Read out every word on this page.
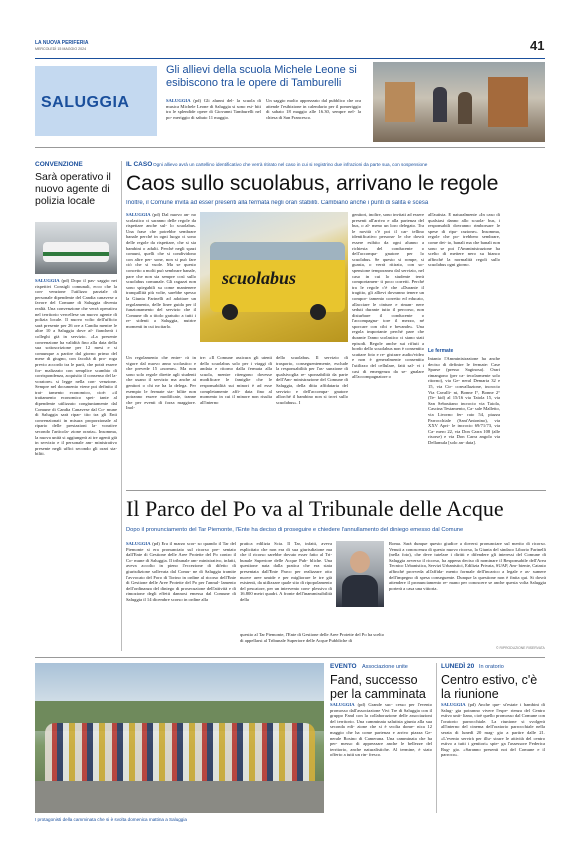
LA NUOVA PERIFERIA
MERCOLEDÌ 15 MAGGIO 2024	41
SALUGGIA
Gli allievi della scuola Michele Leone si esibiscono tra le opere di Tamburelli
SALUGGIA (pd) Gli alunni del- la scuola di musica Michele Leone di Saluggia si sono esi- biti tra le splendide opere di Giovanni Tamburelli nel po- meriggio di sabato 11 maggio.
Un saggio molto apprezzato dal pubblico che ora attende l'esibizione in calendario per il pomeriggio di sabato 18 maggio alle 16.30, sempre nel- la chiesa di San Francesco.
CONVENZIONE
Sarà operativo il nuovo agente di polizia locale
SALUGGIA (pd) Dopo il pas- saggio nei rispettivi Consigli comunali, ecco che la con- venzione l'utilizzo parziale di personale dipendente del Candia canavese a favore del Comune di Saluggia diventa realtà. Una convenzione che verrà operativa nel territorio vercellese un nuovo agente di polizia locale. Il nuovo volto dell'ufficio sarà presente per 26 ore a Candia mentre le altre 10 a Saluggia dove af- fiancherà i colleghi già in servizio. «La presente convenzione ha validità fino alla data della sua sottoscrizione per 12 mesi e si comunque a partire dal giorno primo del mese di giugno, con facoltà di pro- roga previo accordo tra le parti, che potrà essere for- malizzato con semplice scambio di corrispondenza, acquisito il consenso del la- voratore» si legge nella con- venzione. Sempre nel documento viene poi definito il trat- tamento economico, cioè: «il trattamento economico spet- tante al dipendente utilizzato congiuntamente dal Comune di Candia Canavese dal Co- mune di Saluggia sarà ripar- tito tra gli Enti convenzionati in misura proporzionale al riparto delle prestazioni la- vorative secondo l'articola- zione oraria». Insomma, la nuova unità si aggiungerà ai tre agenti già in servizio e il personale am- ministrativo presente negli uffici secondo gli orari sta- biliti.
IL CASO Ogni allievo avrà un cartellino identificativo che verrà ritirato nel caso in cui si registrino due infrazioni da parte sua, con sospensione
Caos sullo scuolabus, arrivano le regole
Inoltre, il Comune invita ad esser presenti alla fermata negli orari stabiliti. Cambiano anche i punti di salita e scesa
SALUGGIA (pd) Dal nuovo an- no scolastico ci saranno delle regole da rispettare anche sul- lo scuolabus. Una frase che potrebbe sembrare banale perché in ogni luogo ci sono delle regole da rispettare, che si sia bambini o adulti. Perché negli spazi comuni, quelli che si condividono con altre per- sone, non si può fare ciò che si vuole. Ma se questo concetto a molti può sembrare banale, pare che non sia sempre così sullo scuolabus comunale. Gli ragazzi non sono spiegabili su come mantenere tranquillità più volte, sarebbe spesso la Giunta Farinelli ad adottare un regolamento, delle linee guida per il funzionamento del servizio che il Comune dà a titolo gratuito a tutti i re- sidenti a Saluggia, nutrire momenti in cui incitarlo.
scuolabus
Un regolamento che entre- rà in vigore dal nuovo anno scolastico e che prevede 15 «norme». Ma non sono solo regole dirette agli studenti che usano il servizio ma anche ai genitori o chi ne ha la delega. Per esempio le fermate sta- bilite non potranno essere modificate, tranne che per eventi di forza maggiore. Inol-
tre: «Il Comune assicura gli utenti dello scuolabus solo per i viaggi di andata e ritorno dalla fermata alla scuola, mentre ritengono dovesse modificare le famiglie che le responsabilità sui minori è ad esse completamente affi- data fino al momento in cui il minore non risulta all'interno
dello scuolabus. Il servizio di trasporto, conseguentemente, esclude la responsabilità per l'as- sunzione di qualsivoglia re- sponsabilità da parte dell'Am- ministrazione del Comune di Saluggia, della ditta affidataria del servizio e dell'accompa- gnatore allorché il bambino non si trovi sullo scuolabus». I
genitori, inoltre, sono invitati ad essere presenti all'arrivo e alla partenza del bus, o al- meno un loro delegato. Tra le novità c'è poi il car- tellino identificativo persona- le che dovrà essere esibito da ogni alunno a richiesta del conducente o dell'accompa- gnatore per lo scuolabus. Se questo si rompe, si guasta, o verrà ritirato, con so- spensione temporanea dal servizio, nel caso in cui lo studente terrà comportamen- ti poco corretti. Perché tra le regole c'è che «Durante il tragitto, gli allievi dovranno tenere un compor- tamento corretto ed educato, allacciare le cinture e riman- nere seduti durante tutto il percorso, non disturbare il conducente o l'accompagna- tore il mezzo, né sporcare con cibi e bevande». Una regola importante perché pare che durante l'anno scolastico ci siano stati episodi. Regole anche sui rifiuti a bordo dello scuolabus non è consentito scattare foto e re- gistrare audio/video e non è generalmente consentito l'utilizzo del cellulare, fatti sal- vi i casi di emergenza da se- gnalare all'accompagnatore o
all'autista. E naturalmente «In caso di qualsiasi danno allo scuola- bus, i responsabili dovranno rimborsare le spese di ripa- razione». Insomma, regole che po- trebbero sembrare, come det- to, banali ma che banali non sono se poi l'Amministrazione ha scelto di mettere nero su bianco affinché la normalità regoli sullo scuolabus ogni giorno.
Le fermate
Intanto l'Amministrazione ha anche deciso di definire le fermate: Case Sparse (presso Saginosa). Orari rimangono (per ca- tecolarmente solo ritorno), via Ge- neral Demaria 32 e 15, via Cir- convallazione, incrocio Via Cavalli- ni, Bonne I°, Bonne 2° (Te- kid) al 15/16 via Taiola 15, via San Sebastiano incrocio via Taiola, Cascina Testamento, Ca- sale Malletto, via Livorno fer- rato 54, piazza Parrocchiale (Sant'Antonino), via XXV Apri- le incrocio 69/71/73, via Ca- mero 22, via Don Carra 108 (alle risorse) e via Don Carra angolo via Dellamula [solo an- data].
Il Parco del Po va al Tribunale delle Acque
Dopo il pronunciamento del Tar Piemonte, l'Ente ha deciso di proseguire e chiedere l'annullamento del diniego emesso dal Comune
SALUGGIA (pd) Era il marzo scor- so quando il Tar del Piemonte si era pronunciato sul ricorso pre- sentato dall'Ente di Gestione delle Aree Protette del Po contro il Co- mune di Saluggia. Il tribunale am- ministrativo, infatti, aveva accolto in pieno l'eccezione di difetto di giurisdizione sollevata dal Comu- ne di Saluggia tramite l'avvocato del Foro di Torino in ordine al ricorso dell'Ente di Gestione delle Aree Protette del Po per l'annul- lamento dell'ordinanza del diniego di prosecuzione dell'attività e di rimozione degli effetti dannosi emessa dal Comune di Saluggia il 14 dicembre scorso in ordine alla
pratica edilizia Scia. Il Tar, infatti, aveva esplicitato che non era di sua giurisdizione ma che il ricorso sarebbe dovuto esser fatto al Tri- bunale Superiore delle Acque Pub- bliche. Una questione nata dalla pratica che era stata presentata dall'Ente Parco per realizzare otto nuove aree umide e per migliorare le tre già esistenti, da utilizzare quale sito di ripopolamento del pescatore, per un intervento com- plessivo di 16.800 metri quadri. A fronte dell'inammissibilità della
questio al Tar Piemonte, l'Ente di Gestione delle Aree Protette del Po ha scelto di appellarsi al Tribunale Superiore delle Acque Pubbliche di
Roma. Sarà dunque questo giudice a doversi pronunciare sul merito di ricorso. Venuti a conoscenza di questo nuovo ricorso, la Giunta del sindaco Liborio Farinelli (nella foto), che deve tutelare i diritti e difendere gli interessi del Comune di Saluggia avverso il ricorso, ha appena deciso di nominare il Responsabile dell'Area Tecnico Urbanistica, Servizi Urbanistici, Edilizia Privata, SUAP, Am- biente, Catasto affinché provveda all'affida- mento formale dell'incarico a legale e as- sumere dell'impegno di spesa conseguente. Dunque la questione non è finita qui. Si dovrà attendere il pronunciamento re- mano per conoscere se anche questa volta Saluggia porterà a casa una vittoria.
© RIPRODUZIONE RISERVATA
I protagonisti della camminata che si è svolta domenica mattina a Saluggia
EVENTO Associazione unite
Fand, successo per la camminata
SALUGGIA (pd) Grande suc- cesso per l'evento promosso dall'associazione Vivi Tre di Saluggia con il gruppo Fand con la collaborazione delle associazioni del territorio. Una camminata salutista giunta alla sua seconda edi- zione che si è svolta dome- nica 12 maggio che ha come partenza e arrivo piazza Ge- nerale Rosino di Camerana. Una camminata che ha per- messo di apprezzare anche le bellezze del territorio, anche naturalistiche. Al termine, è stato offerto a tutti un rin- fresco.
LUNEDÌ 20 In oratorio
Centro estivo, c'è la riunione
SALUGGIA (pd) Anche que- st'estate i bambini di Salug- gia potranno vivere l'espe- rienza del Centro estivo unit- liano, cioè quello promosso dal Comune con l'oratorio parrocchiale. La riunione si svolgerà all'interno del cinema dell'oratorio parrocchiale nella serata di lunedì 20 mag- gio a partire dalle 21. «L'evento servirà per illu- strare le attività del centro estivo a tutti i genitori» spie- ga l'assessore Federica Rug- gio. «Saranno presenti noi del Comune e il parroco».
